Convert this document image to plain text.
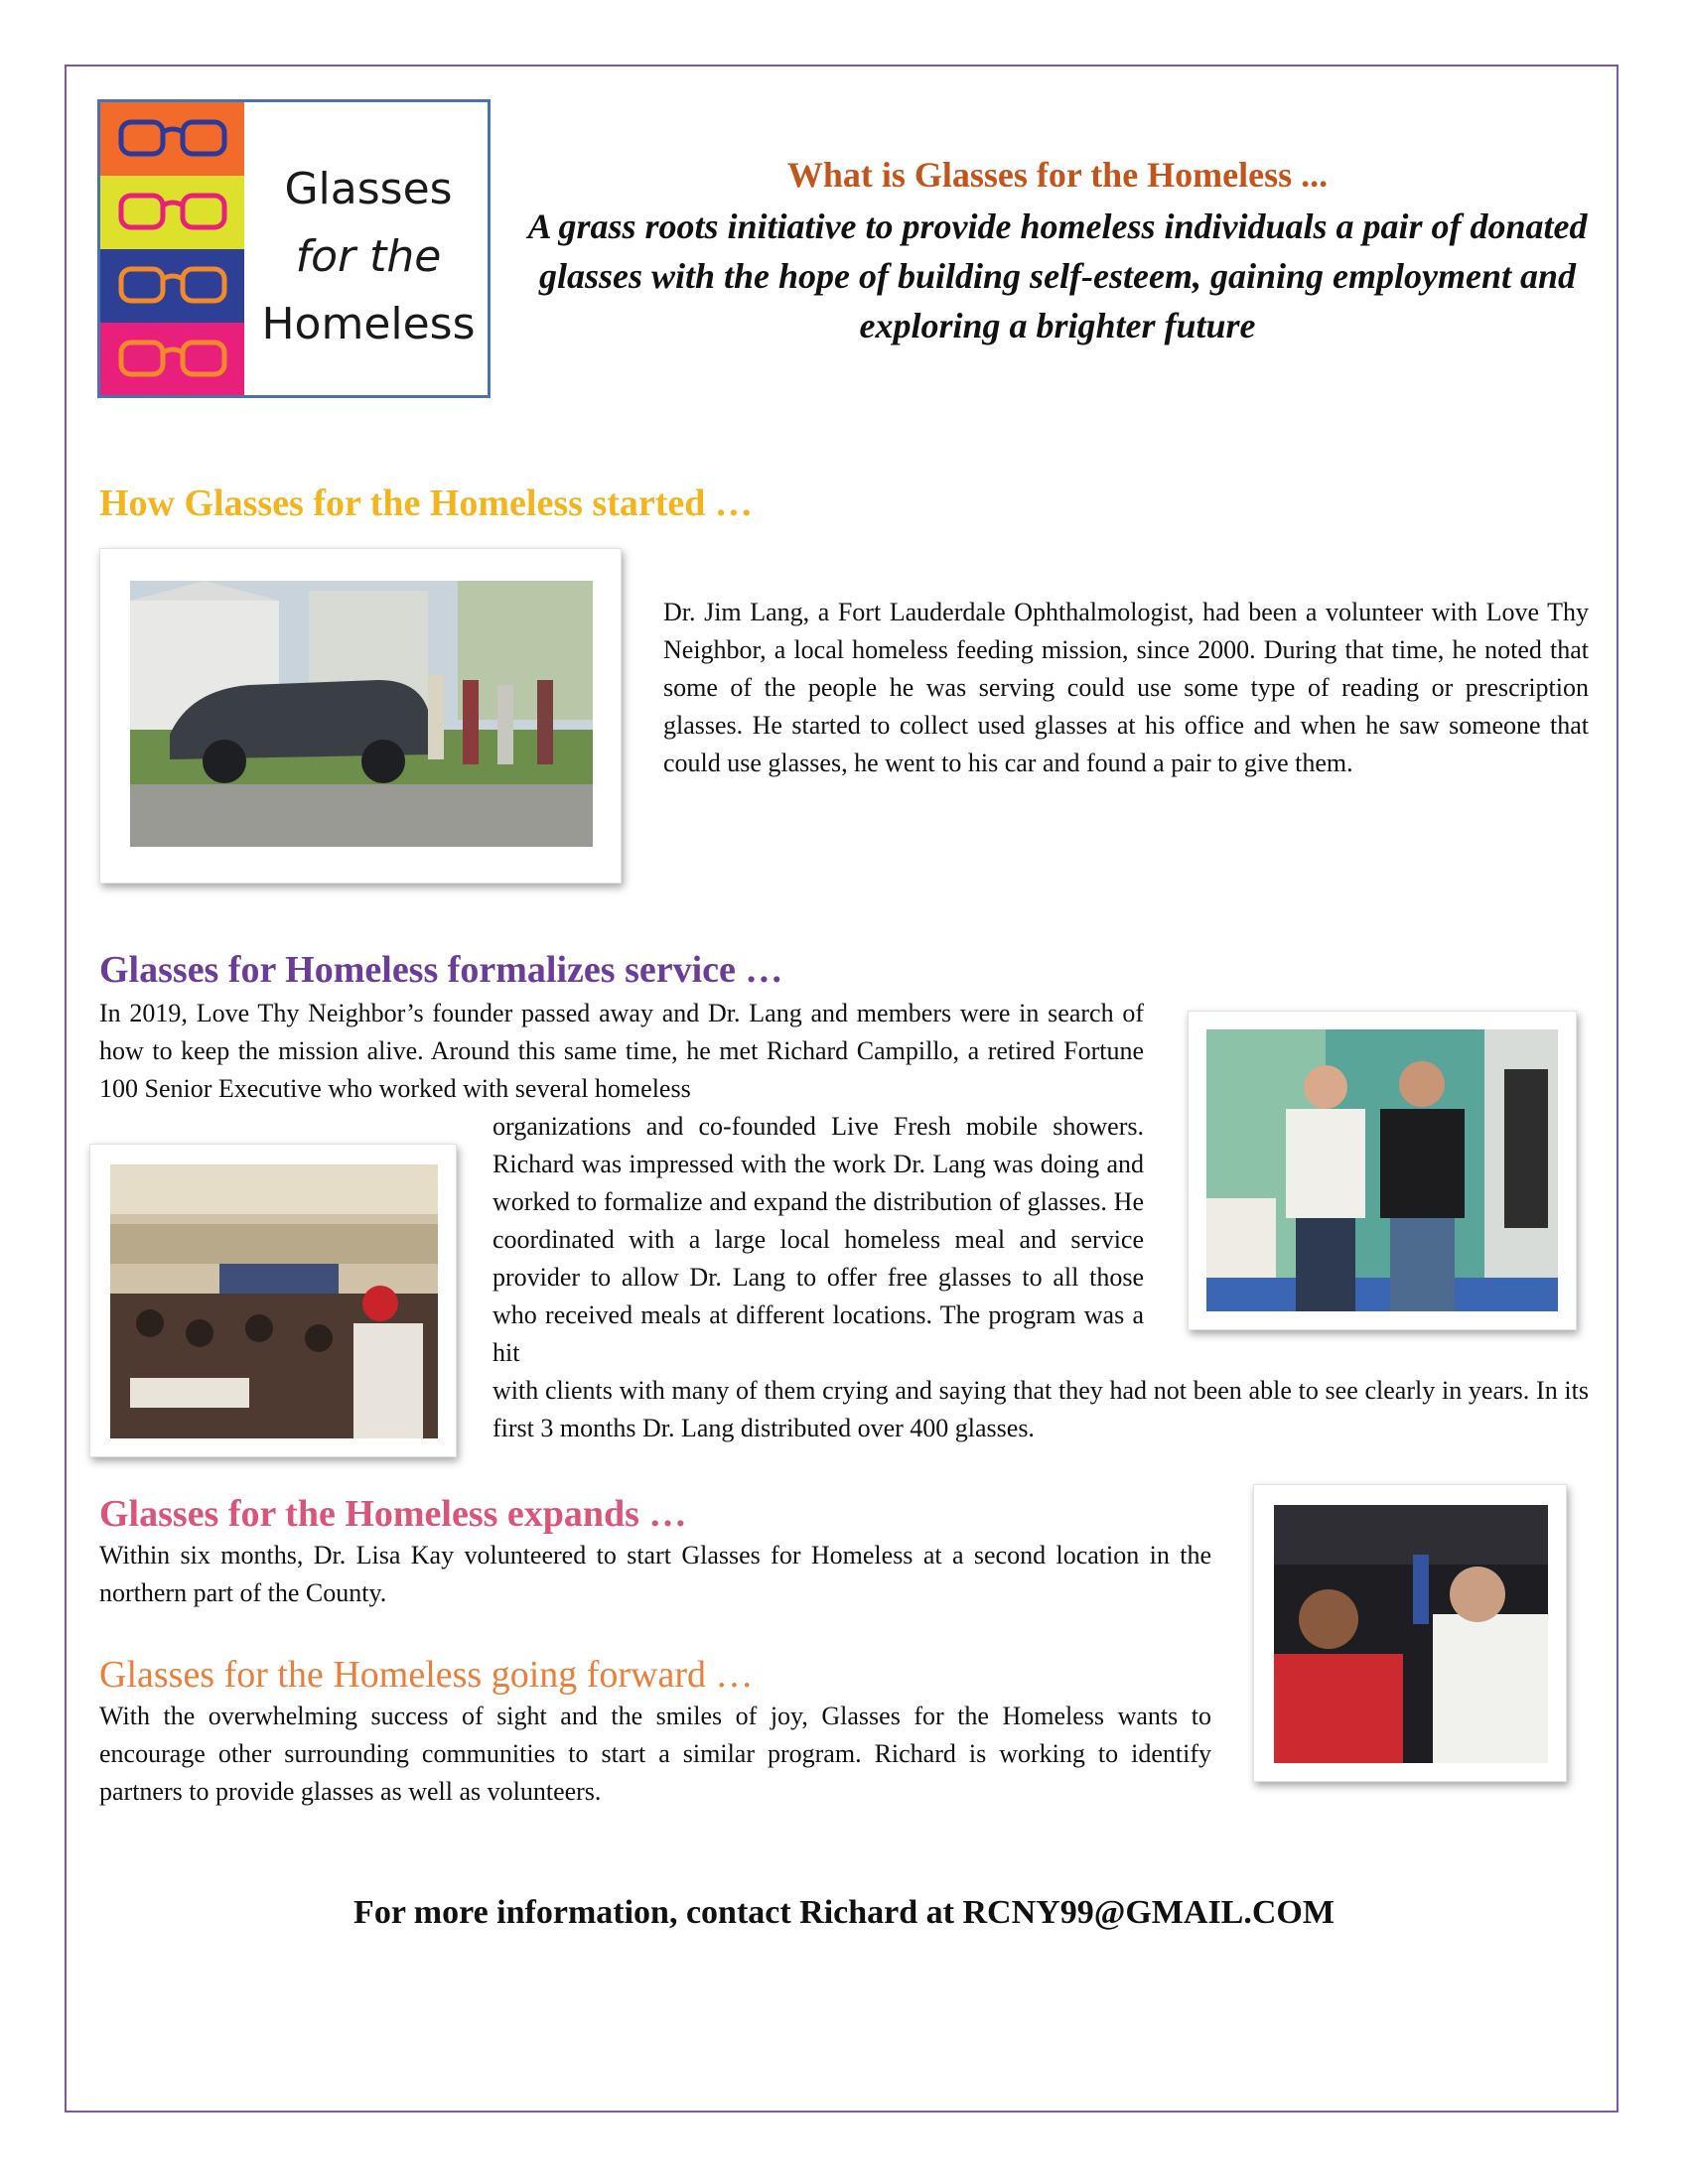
Glasses
for the
Homeless
What is Glasses for the Homeless ...

A grass roots initiative to provide homeless individuals a pair of donated glasses with the hope of building self-esteem, gaining employment and exploring a brighter future

How Glasses for the Homeless started …
Dr. Jim Lang, a Fort Lauderdale Ophthalmologist, had been a volunteer with Love Thy Neighbor, a local homeless feeding mission, since 2000. During that time, he noted that some of the people he was serving could use some type of reading or prescription glasses. He started to collect used glasses at his office and when he saw someone that could use glasses, he went to his car and found a pair to give them.
Glasses for Homeless formalizes service …
In 2019, Love Thy Neighbor’s founder passed away and Dr. Lang and members were in search of how to keep the mission alive. Around this same time, he met Richard Campillo, a retired Fortune 100 Senior Executive who worked with several homeless
organizations and co-founded Live Fresh mobile showers. Richard was impressed with the work Dr. Lang was doing and worked to formalize and expand the distribution of glasses. He coordinated with a large local homeless meal and service provider to allow Dr. Lang to offer free glasses to all those who received meals at different locations. The program was a hit
with clients with many of them crying and saying that they had not been able to see clearly in years. In its first 3 months Dr. Lang distributed over 400 glasses.
Glasses for the Homeless expands …
Within six months, Dr. Lisa Kay volunteered to start Glasses for Homeless at a second location in the northern part of the County.
Glasses for the Homeless going forward …
With the overwhelming success of sight and the smiles of joy, Glasses for the Homeless wants to encourage other surrounding communities to start a similar program. Richard is working to identify partners to provide glasses as well as volunteers.
For more information, contact Richard at RCNY99@GMAIL.COM
